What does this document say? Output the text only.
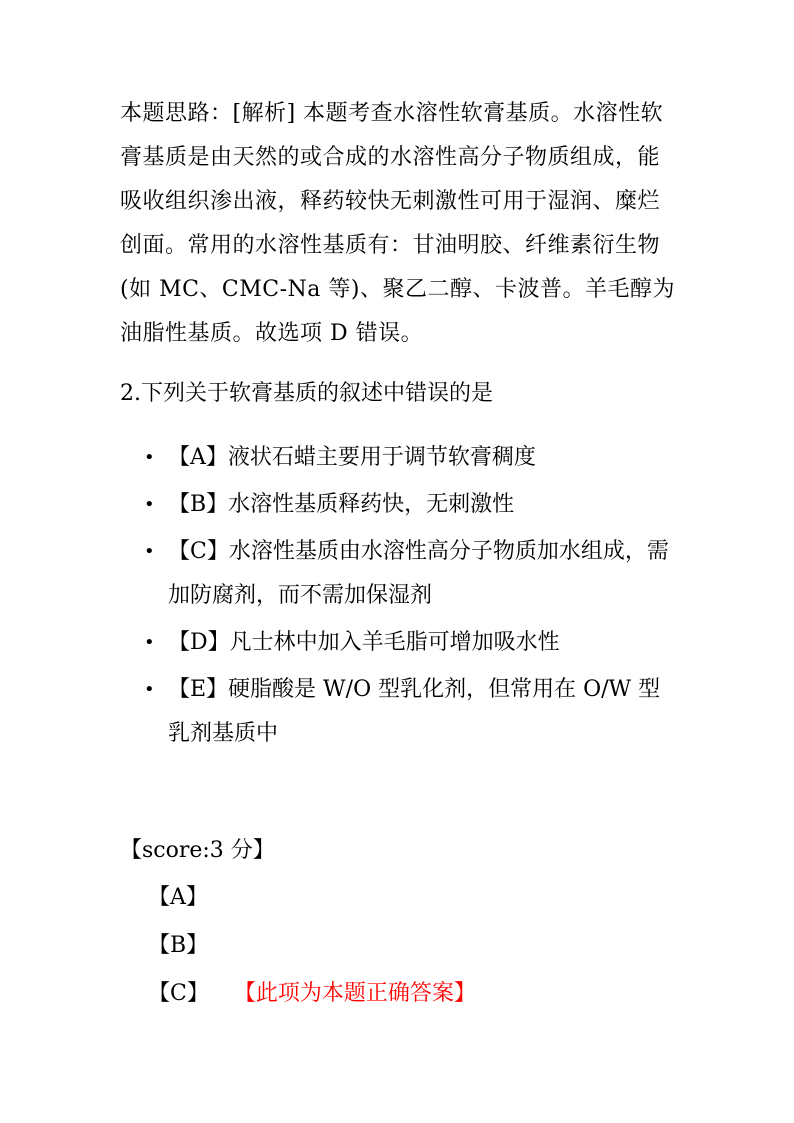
本题思路：[解析] 本题考查水溶性软膏基质。水溶性软膏基质是由天然的或合成的水溶性高分子物质组成，能吸收组织渗出液，释药较快无刺激性可用于湿润、糜烂创面。常用的水溶性基质有：甘油明胶、纤维素衍生物(如 MC、CMC-Na 等)、聚乙二醇、卡波普。羊毛醇为油脂性基质。故选项 D 错误。

2.下列关于软膏基质的叙述中错误的是

• 【A】液状石蜡主要用于调节软膏稠度
• 【B】水溶性基质释药快，无刺激性
• 【C】水溶性基质由水溶性高分子物质加水组成，需加防腐剂，而不需加保湿剂
• 【D】凡士林中加入羊毛脂可增加吸水性
• 【E】硬脂酸是 W/O 型乳化剂，但常用在 O/W 型乳剂基质中

【score:3 分】

【A】
【B】
【C】 【此项为本题正确答案】
